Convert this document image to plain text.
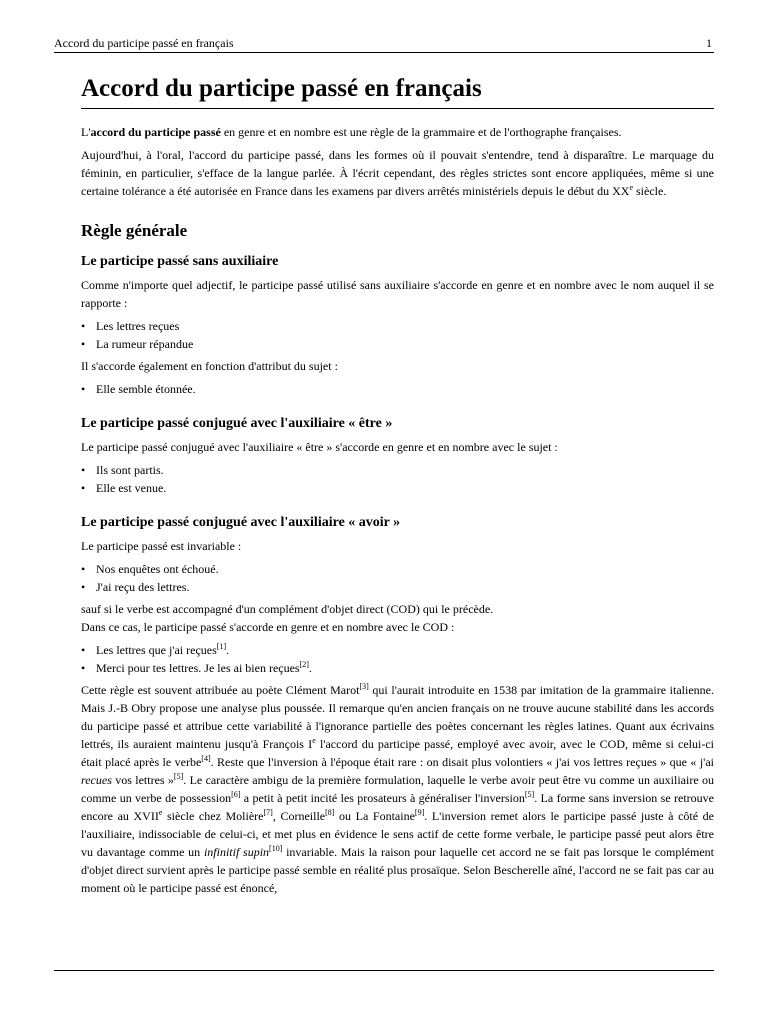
Accord du participe passé en français	1
Accord du participe passé en français

L'accord du participe passé en genre et en nombre est une règle de la grammaire et de l'orthographe françaises.

Aujourd'hui, à l'oral, l'accord du participe passé, dans les formes où il pouvait s'entendre, tend à disparaître. Le marquage du féminin, en particulier, s'efface de la langue parlée. À l'écrit cependant, des règles strictes sont encore appliquées, même si une certaine tolérance a été autorisée en France dans les examens par divers arrêtés ministériels depuis le début du XXe siècle.

Règle générale
Le participe passé sans auxiliaire

Comme n'importe quel adjectif, le participe passé utilisé sans auxiliaire s'accorde en genre et en nombre avec le nom auquel il se rapporte :

• Les lettres reçues
• La rumeur répandue

Il s'accorde également en fonction d'attribut du sujet :

• Elle semble étonnée.
Le participe passé conjugué avec l'auxiliaire « être »

Le participe passé conjugué avec l'auxiliaire « être » s'accorde en genre et en nombre avec le sujet :

• Ils sont partis.
• Elle est venue.
Le participe passé conjugué avec l'auxiliaire « avoir »

Le participe passé est invariable :

• Nos enquêtes ont échoué.
• J'ai reçu des lettres.

sauf si le verbe est accompagné d'un complément d'objet direct (COD) qui le précède.

Dans ce cas, le participe passé s'accorde en genre et en nombre avec le COD :

• Les lettres que j'ai reçues[1].
• Merci pour tes lettres. Je les ai bien reçues[2].

Cette règle est souvent attribuée au poète Clément Marot[3] qui l'aurait introduite en 1538 par imitation de la grammaire italienne. Mais J.-B Obry propose une analyse plus poussée. Il remarque qu'en ancien français on ne trouve aucune stabilité dans les accords du participe passé et attribue cette variabilité à l'ignorance partielle des poètes concernant les règles latines. Quant aux écrivains lettrés, ils auraient maintenu jusqu'à François Ie l'accord du participe passé, employé avec avoir, avec le COD, même si celui-ci était placé après le verbe[4]. Reste que l'inversion à l'époque était rare : on disait plus volontiers « j'ai vos lettres reçues » que « j'ai recues vos lettres »[5]. Le caractère ambigu de la première formulation, laquelle le verbe avoir peut être vu comme un auxiliaire ou comme un verbe de possession[6] a petit à petit incité les prosateurs à généraliser l'inversion[5]. La forme sans inversion se retrouve encore au XVIIe siècle chez Molière[7], Corneille[8] ou La Fontaine[9]. L'inversion remet alors le participe passé juste à côté de l'auxiliaire, indissociable de celui-ci, et met plus en évidence le sens actif de cette forme verbale, le participe passé peut alors être vu davantage comme un infinitif supin[10] invariable. Mais la raison pour laquelle cet accord ne se fait pas lorsque le complément d'objet direct survient après le participe passé semble en réalité plus prosaïque. Selon Bescherelle aîné, l'accord ne se fait pas car au moment où le participe passé est énoncé,
